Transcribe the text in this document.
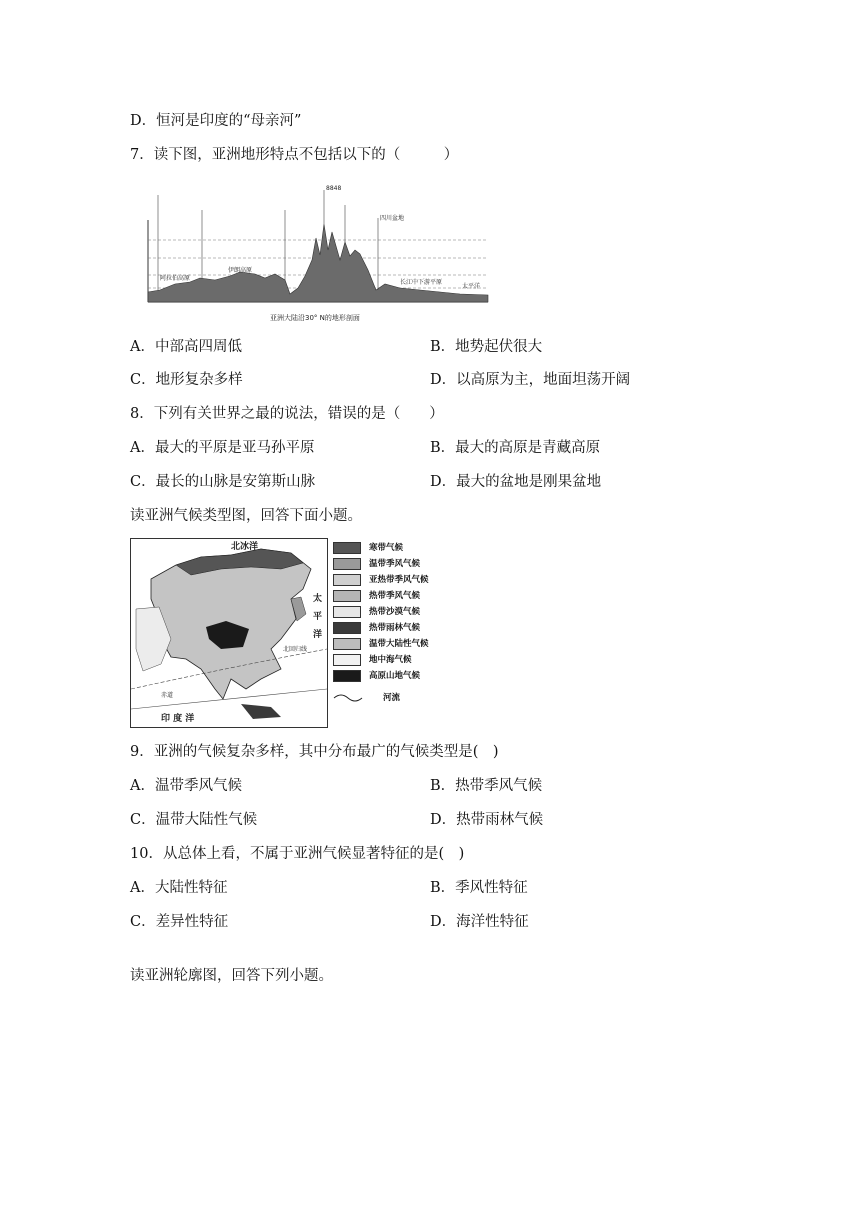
D．恒河是印度的“母亲河”
7．读下图，亚洲地形特点不包括以下的（　　　）
8848
阿拉伯高原
伊朗高原
四川盆地
长江中下游平原
太平洋
亚洲大陆沿30° N的地形剖面
A．中部高四周低	B．地势起伏很大
C．地形复杂多样	D．以高原为主，地面坦荡开阔
8．下列有关世界之最的说法，错误的是（　　）
A．最大的平原是亚马孙平原	B．最大的高原是青藏高原
C．最长的山脉是安第斯山脉	D．最大的盆地是刚果盆地
读亚洲气候类型图，回答下面小题。
北冰洋
太
平
洋
北回归线
赤道
印 度 洋
寒带气候
温带季风气候
亚热带季风气候
热带季风气候
热带沙漠气候
热带雨林气候
温带大陆性气候
地中海气候
高原山地气候
河流
9．亚洲的气候复杂多样，其中分布最广的气候类型是(　)
A．温带季风气候	B．热带季风气候
C．温带大陆性气候	D．热带雨林气候
10．从总体上看，不属于亚洲气候显著特征的是(　)
A．大陆性特征	B．季风性特征
C．差异性特征	D．海洋性特征
读亚洲轮廓图，回答下列小题。
